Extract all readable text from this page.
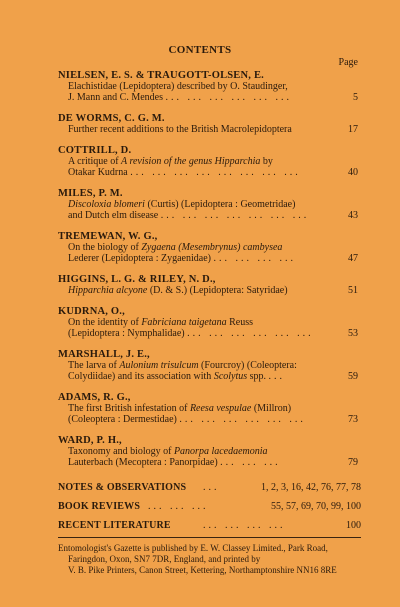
CONTENTS
Page
NIELSEN, E. S. & TRAUGOTT-OLSEN, E.
Elachistidae (Lepidoptera) described by O. Staudinger,
J. Mann and C. Mendes ... ... ... ... ... ...	5
DE WORMS, C. G. M.
Further recent additions to the British Macrolepidoptera	17
COTTRILL, D.
A critique of A revision of the genus Hipparchia by
Otakar Kudrna ... ... ... ... ... ... ... ...	40
MILES, P. M.
Discoloxia blomeri (Curtis) (Lepidoptera : Geometridae)
and Dutch elm disease ... ... ... ... ... ... ...	43
TREMEWAN, W. G.,
On the biology of Zygaena (Mesembrynus) cambysea
Lederer (Lepidoptera : Zygaenidae) ... ... ... ...	47
HIGGINS, L. G. & RILEY, N. D.,
Hipparchia alcyone (D. & S.) (Lepidoptera: Satyridae)	51
KUDRNA, O.,
On the identity of Fabriciana taigetana Reuss
(Lepidoptera : Nymphalidae) ... ... ... ... ... ...	53
MARSHALL, J. E.,
The larva of Aulonium trisulcum (Fourcroy) (Coleoptera:
Colydiidae) and its association with Scolytus spp. ...	59
ADAMS, R. G.,
The first British infestation of Reesa vespulae (Millron)
(Coleoptera : Dermestidae) ... ... ... ... ... ...	73
WARD, P. H.,
Taxonomy and biology of Panorpa lacedaemonia
Lauterbach (Mecoptera : Panorpidae) ... ... ...	79
NOTES & OBSERVATIONS ...	1, 2, 3, 16, 42, 76, 77, 78
BOOK REVIEWS ... ... ...	55, 57, 69, 70, 99, 100
RECENT LITERATURE	... ... ... ...	100
Entomologist's Gazette is published by E. W. Classey Limited., Park Road,
Faringdon, Oxon, SN7 7DR, England, and printed by
V. B. Pike Printers, Canon Street, Kettering, Northamptonshire NN16 8RE
